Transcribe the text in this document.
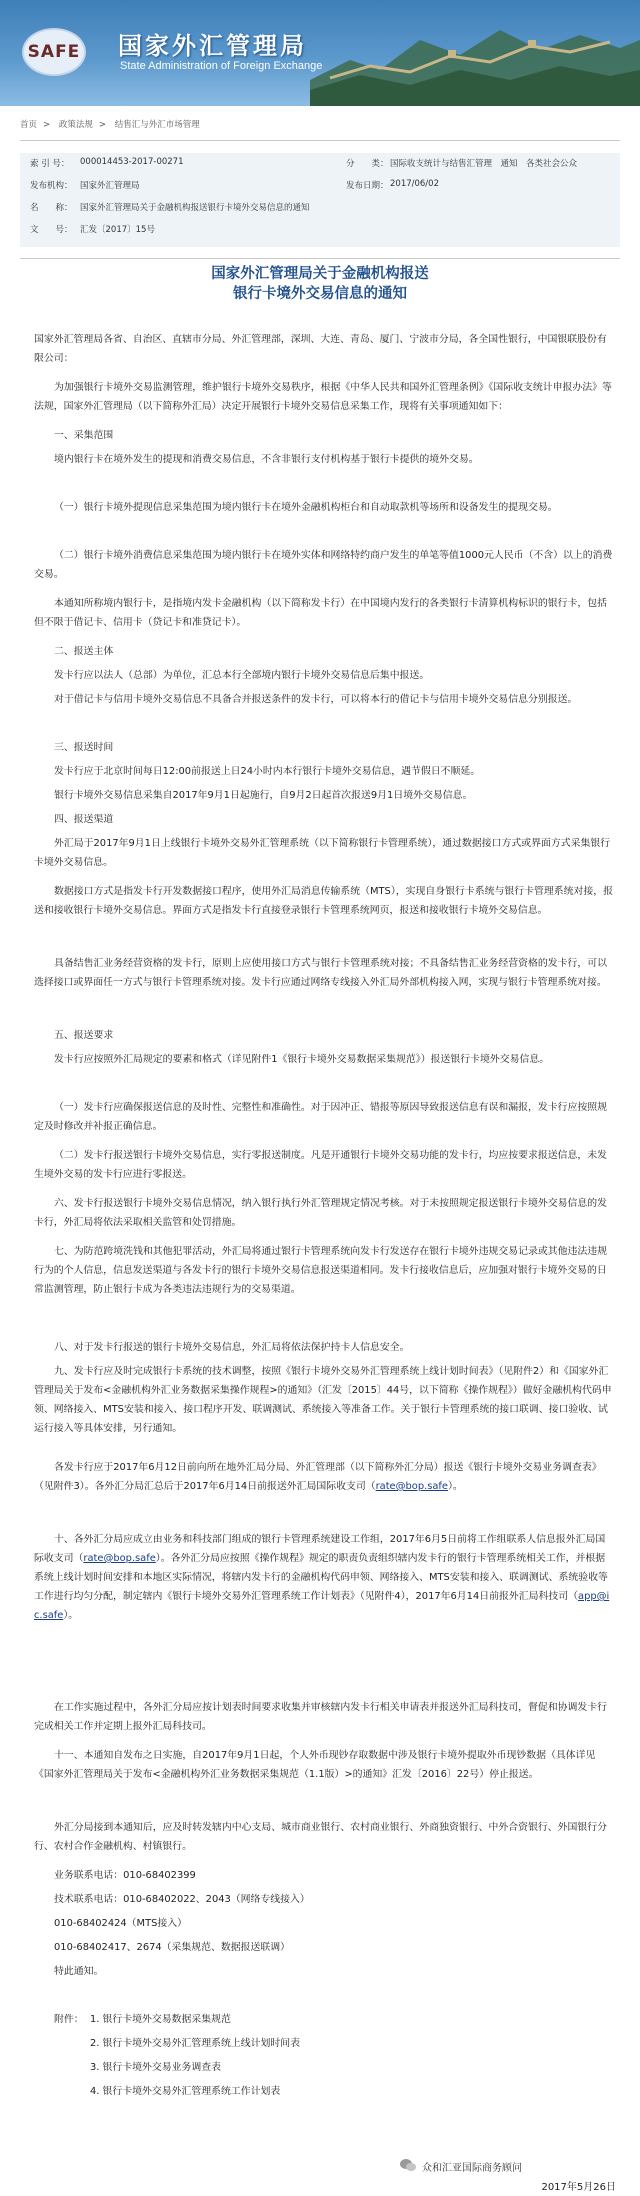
SAFE 国家外汇管理局
State Administration of Foreign Exchange
首页 > 政策法规 > 结售汇与外汇市场管理
索 引 号： 000014453-2017-00271	分　　类： 国际收支统计与结售汇管理　通知　各类社会公众
发布机构： 国家外汇管理局	发布日期： 2017/06/02
名　　称： 国家外汇管理局关于金融机构报送银行卡境外交易信息的通知
文　　号： 汇发〔2017〕15号
国家外汇管理局关于金融机构报送
银行卡境外交易信息的通知
国家外汇管理局各省、自治区、直辖市分局、外汇管理部，深圳、大连、青岛、厦门、宁波市分局，各全国性银行，中国银联股份有限公司：
为加强银行卡境外交易监测管理，维护银行卡境外交易秩序，根据《中华人民共和国外汇管理条例》《国际收支统计申报办法》等法规，国家外汇管理局（以下简称外汇局）决定开展银行卡境外交易信息采集工作，现将有关事项通知如下：
一、采集范围
境内银行卡在境外发生的提现和消费交易信息，不含非银行支付机构基于银行卡提供的境外交易。
（一）银行卡境外提现信息采集范围为境内银行卡在境外金融机构柜台和自动取款机等场所和设备发生的提现交易。
（二）银行卡境外消费信息采集范围为境内银行卡在境外实体和网络特约商户发生的单笔等值1000元人民币（不含）以上的消费交易。
本通知所称境内银行卡，是指境内发卡金融机构（以下简称发卡行）在中国境内发行的各类银行卡清算机构标识的银行卡，包括但不限于借记卡、信用卡（贷记卡和准贷记卡）。
二、报送主体
发卡行应以法人（总部）为单位，汇总本行全部境内银行卡境外交易信息后集中报送。
对于借记卡与信用卡境外交易信息不具备合并报送条件的发卡行，可以将本行的借记卡与信用卡境外交易信息分别报送。
三、报送时间
发卡行应于北京时间每日12:00前报送上日24小时内本行银行卡境外交易信息，遇节假日不顺延。
银行卡境外交易信息采集自2017年9月1日起施行，自9月2日起首次报送9月1日境外交易信息。
四、报送渠道
外汇局于2017年9月1日上线银行卡境外交易外汇管理系统（以下简称银行卡管理系统），通过数据接口方式或界面方式采集银行卡境外交易信息。
数据接口方式是指发卡行开发数据接口程序，使用外汇局消息传输系统（MTS），实现自身银行卡系统与银行卡管理系统对接，报送和接收银行卡境外交易信息。界面方式是指发卡行直接登录银行卡管理系统网页，报送和接收银行卡境外交易信息。
具备结售汇业务经营资格的发卡行，原则上应使用接口方式与银行卡管理系统对接；不具备结售汇业务经营资格的发卡行，可以选择接口或界面任一方式与银行卡管理系统对接。发卡行应通过网络专线接入外汇局外部机构接入网，实现与银行卡管理系统对接。
五、报送要求
发卡行应按照外汇局规定的要素和格式（详见附件1《银行卡境外交易数据采集规范》）报送银行卡境外交易信息。
（一）发卡行应确保报送信息的及时性、完整性和准确性。对于因冲正、错报等原因导致报送信息有误和漏报，发卡行应按照规定及时修改并补报正确信息。
（二）发卡行报送银行卡境外交易信息，实行零报送制度。凡是开通银行卡境外交易功能的发卡行，均应按要求报送信息，未发生境外交易的发卡行应进行零报送。
六、发卡行报送银行卡境外交易信息情况，纳入银行执行外汇管理规定情况考核。对于未按照规定报送银行卡境外交易信息的发卡行，外汇局将依法采取相关监管和处罚措施。
七、为防范跨境洗钱和其他犯罪活动，外汇局将通过银行卡管理系统向发卡行发送存在银行卡境外违规交易记录或其他违法违规行为的个人信息，信息发送渠道与各发卡行的银行卡境外交易信息报送渠道相同。发卡行接收信息后，应加强对银行卡境外交易的日常监测管理，防止银行卡成为各类违法违规行为的交易渠道。
八、对于发卡行报送的银行卡境外交易信息，外汇局将依法保护持卡人信息安全。
九、发卡行应及时完成银行卡系统的技术调整，按照《银行卡境外交易外汇管理系统上线计划时间表》（见附件2）和《国家外汇管理局关于发布<金融机构外汇业务数据采集操作规程>的通知》（汇发〔2015〕44号，以下简称《操作规程》）做好金融机构代码申领、网络接入、MTS安装和接入、接口程序开发、联调测试、系统接入等准备工作。关于银行卡管理系统的接口联调、接口验收、试运行接入等具体安排，另行通知。
各发卡行应于2017年6月12日前向所在地外汇局分局、外汇管理部（以下简称外汇分局）报送《银行卡境外交易业务调查表》（见附件3）。各外汇分局汇总后于2017年6月14日前报送外汇局国际收支司（rate@bop.safe）。
十、各外汇分局应成立由业务和科技部门组成的银行卡管理系统建设工作组，2017年6月5日前将工作组联系人信息报外汇局国际收支司（rate@bop.safe）。各外汇分局应按照《操作规程》规定的职责负责组织辖内发卡行的银行卡管理系统相关工作，并根据系统上线计划时间安排和本地区实际情况，将辖内发卡行的金融机构代码申领、网络接入、MTS安装和接入、联调测试、系统验收等工作进行均匀分配，制定辖内《银行卡境外交易外汇管理系统工作计划表》（见附件4），2017年6月14日前报外汇局科技司（app@ic.safe）。
在工作实施过程中，各外汇分局应按计划表时间要求收集并审核辖内发卡行相关申请表并报送外汇局科技司，督促和协调发卡行完成相关工作并定期上报外汇局科技司。
十一、本通知自发布之日实施，自2017年9月1日起，个人外币现钞存取数据中涉及银行卡境外提取外币现钞数据（具体详见《国家外汇管理局关于发布<金融机构外汇业务数据采集规范（1.1版）>的通知》汇发〔2016〕22号）停止报送。
外汇分局接到本通知后，应及时转发辖内中心支局、城市商业银行、农村商业银行、外商独资银行、中外合资银行、外国银行分行、农村合作金融机构、村镇银行。
业务联系电话：010-68402399
技术联系电话：010-68402022、2043（网络专线接入）
010-68402424（MTS接入）
010-68402417、2674（采集规范、数据报送联调）
特此通知。
附件： 1. 银行卡境外交易数据采集规范
2. 银行卡境外交易外汇管理系统上线计划时间表
3. 银行卡境外交易业务调查表
4. 银行卡境外交易外汇管理系统工作计划表
众和汇亚国际商务顾问
2017年5月26日
